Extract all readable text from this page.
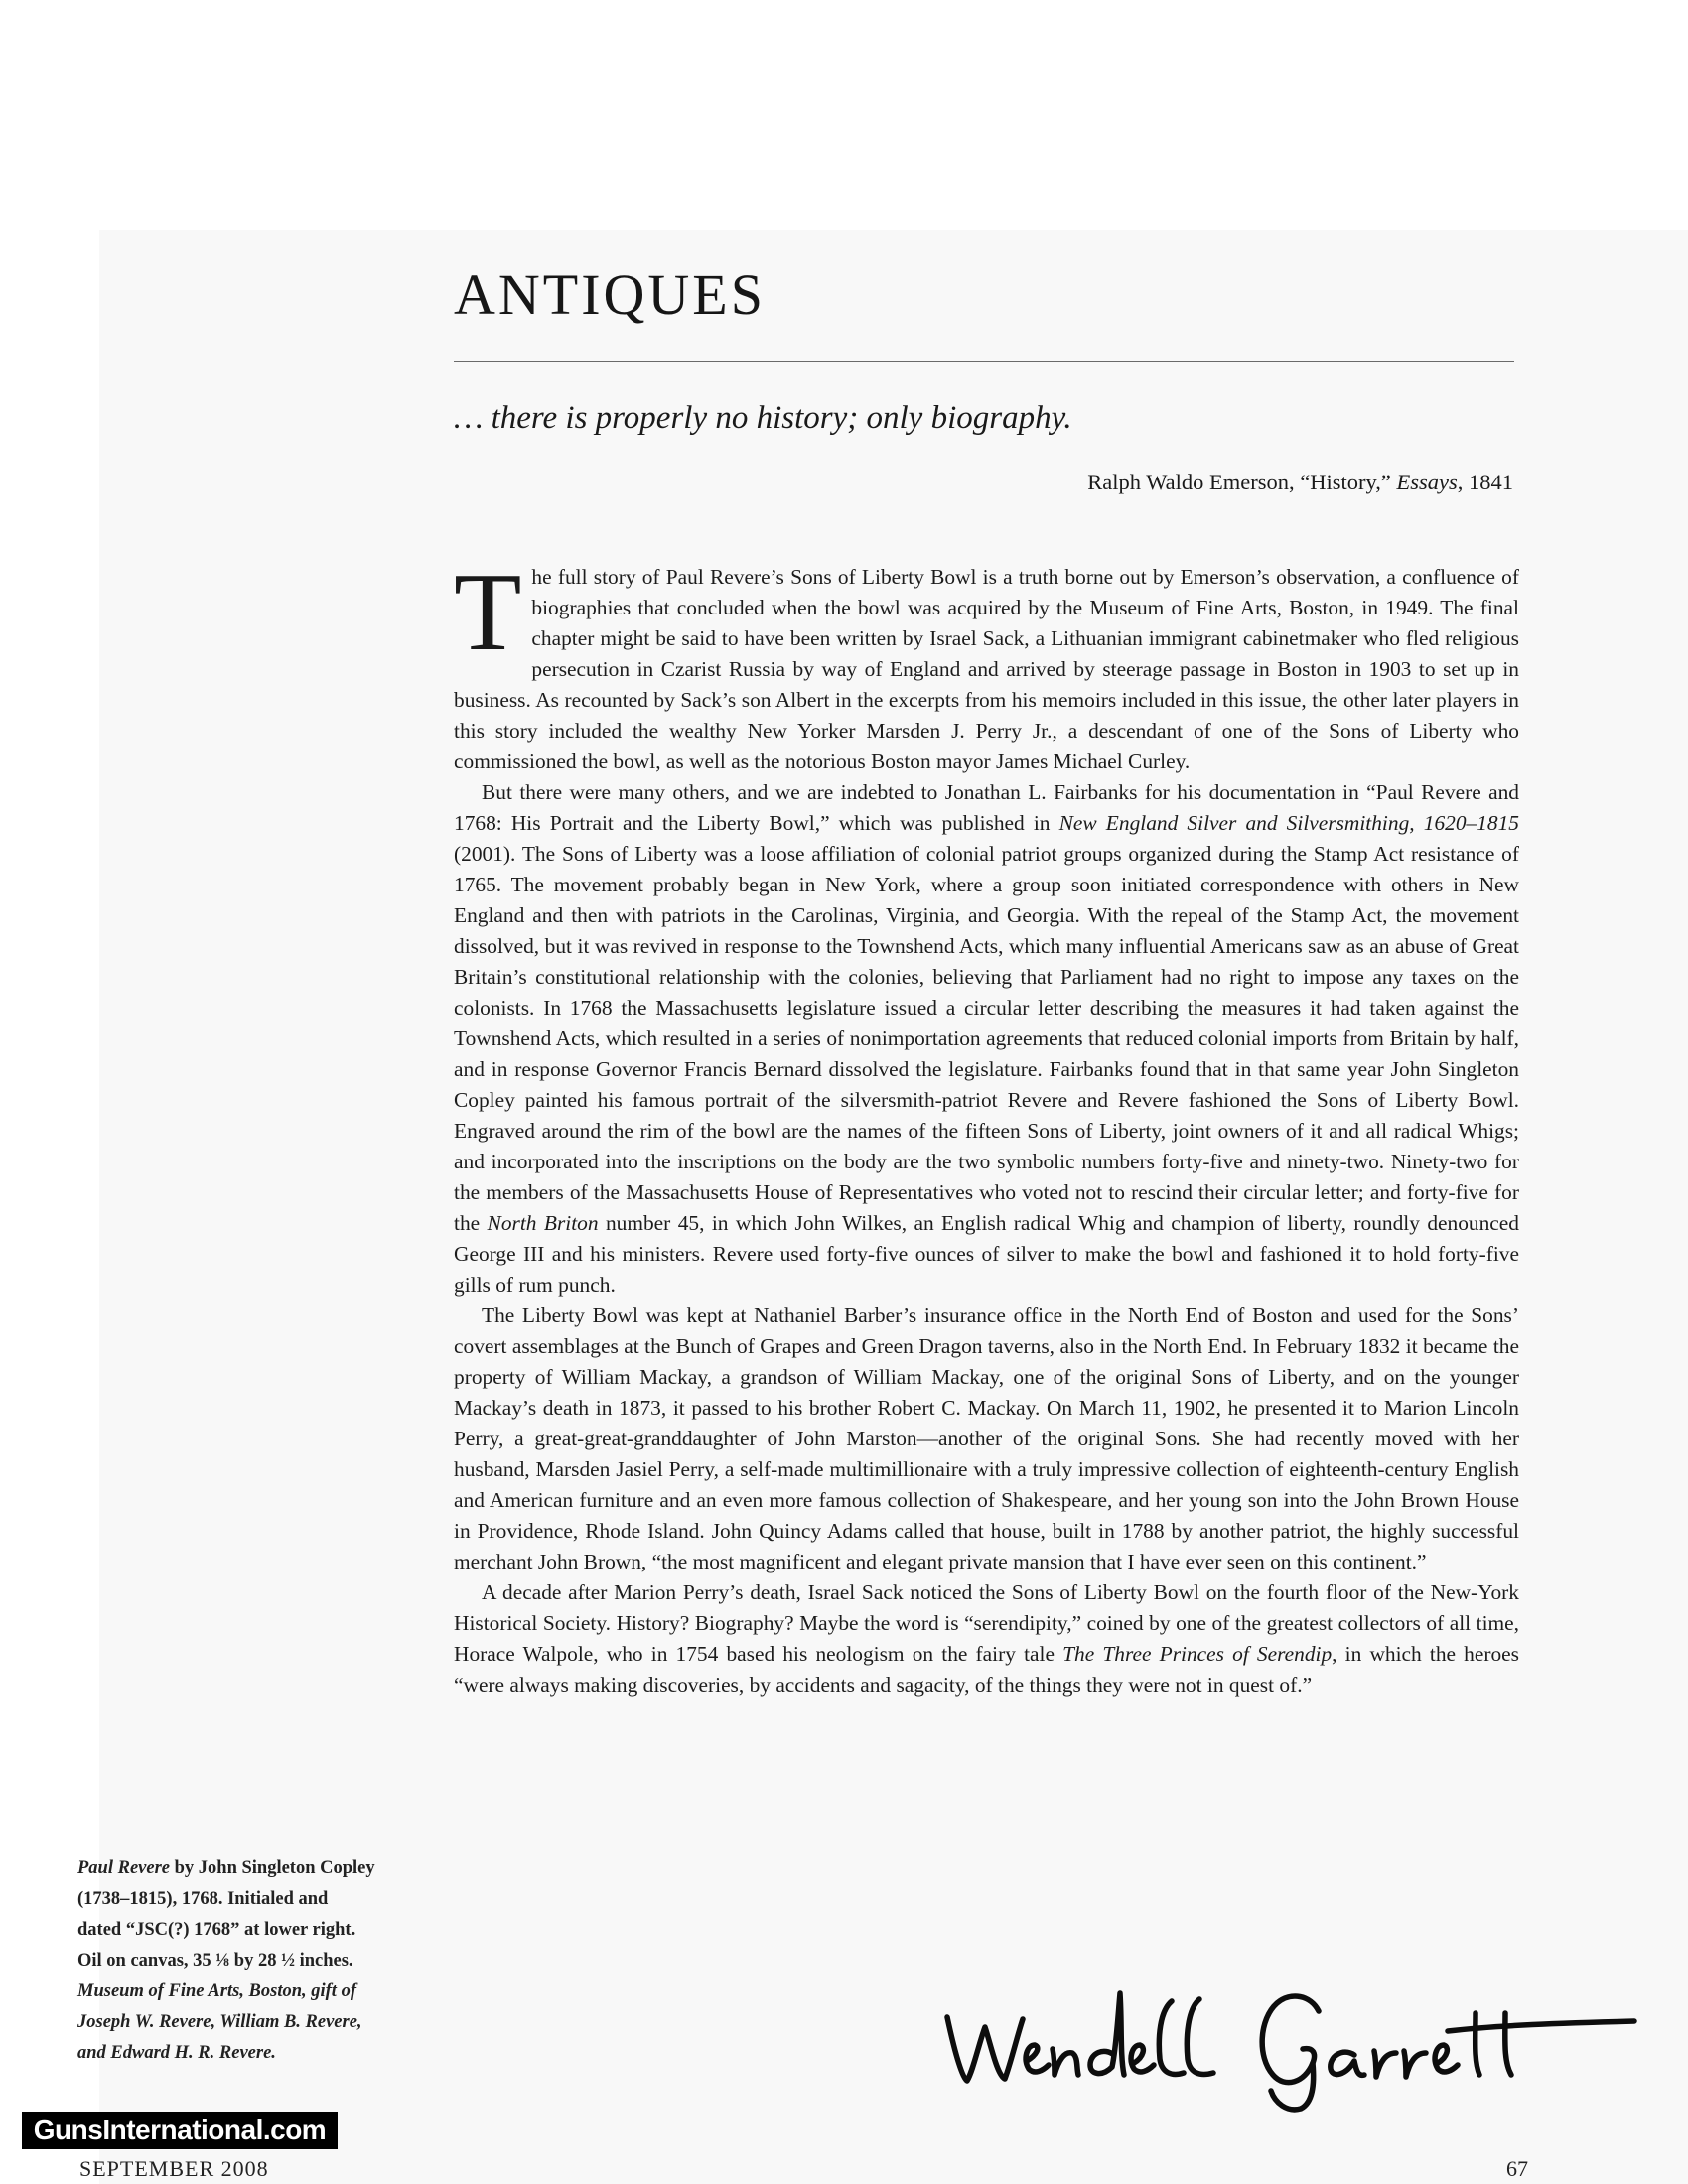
ANTIQUES

… there is properly no history; only biography.

Ralph Waldo Emerson, “History,” Essays, 1841

The full story of Paul Revere’s Sons of Liberty Bowl is a truth borne out by Emerson’s observation, a confluence of biographies that concluded when the bowl was acquired by the Museum of Fine Arts, Boston, in 1949. The final chapter might be said to have been written by Israel Sack, a Lithuanian immigrant cabinetmaker who fled religious persecution in Czarist Russia by way of England and arrived by steerage passage in Boston in 1903 to set up in business. As recounted by Sack’s son Albert in the excerpts from his memoirs included in this issue, the other later players in this story included the wealthy New Yorker Marsden J. Perry Jr., a descendant of one of the Sons of Liberty who commissioned the bowl, as well as the notorious Boston mayor James Michael Curley.

But there were many others, and we are indebted to Jonathan L. Fairbanks for his documentation in “Paul Revere and 1768: His Portrait and the Liberty Bowl,” which was published in New England Silver and Silversmithing, 1620–1815 (2001). The Sons of Liberty was a loose affiliation of colonial patriot groups organized during the Stamp Act resistance of 1765. The movement probably began in New York, where a group soon initiated correspondence with others in New England and then with patriots in the Carolinas, Virginia, and Georgia. With the repeal of the Stamp Act, the movement dissolved, but it was revived in response to the Townshend Acts, which many influential Americans saw as an abuse of Great Britain’s constitutional relationship with the colonies, believing that Parliament had no right to impose any taxes on the colonists. In 1768 the Massachusetts legislature issued a circular letter describing the measures it had taken against the Townshend Acts, which resulted in a series of nonimportation agreements that reduced colonial imports from Britain by half, and in response Governor Francis Bernard dissolved the legislature. Fairbanks found that in that same year John Singleton Copley painted his famous portrait of the silversmith-patriot Revere and Revere fashioned the Sons of Liberty Bowl. Engraved around the rim of the bowl are the names of the fifteen Sons of Liberty, joint owners of it and all radical Whigs; and incorporated into the inscriptions on the body are the two symbolic numbers forty-five and ninety-two. Ninety-two for the members of the Massachusetts House of Representatives who voted not to rescind their circular letter; and forty-five for the North Briton number 45, in which John Wilkes, an English radical Whig and champion of liberty, roundly denounced George III and his ministers. Revere used forty-five ounces of silver to make the bowl and fashioned it to hold forty-five gills of rum punch.

The Liberty Bowl was kept at Nathaniel Barber’s insurance office in the North End of Boston and used for the Sons’ covert assemblages at the Bunch of Grapes and Green Dragon taverns, also in the North End. In February 1832 it became the property of William Mackay, a grandson of William Mackay, one of the original Sons of Liberty, and on the younger Mackay’s death in 1873, it passed to his brother Robert C. Mackay. On March 11, 1902, he presented it to Marion Lincoln Perry, a great-great-granddaughter of John Marston—another of the original Sons. She had recently moved with her husband, Marsden Jasiel Perry, a self-made multimillionaire with a truly impressive collection of eighteenth-century English and American furniture and an even more famous collection of Shakespeare, and her young son into the John Brown House in Providence, Rhode Island. John Quincy Adams called that house, built in 1788 by another patriot, the highly successful merchant John Brown, “the most magnificent and elegant private mansion that I have ever seen on this continent.”

A decade after Marion Perry’s death, Israel Sack noticed the Sons of Liberty Bowl on the fourth floor of the New-York Historical Society. History? Biography? Maybe the word is “serendipity,” coined by one of the greatest collectors of all time, Horace Walpole, who in 1754 based his neologism on the fairy tale The Three Princes of Serendip, in which the heroes “were always making discoveries, by accidents and sagacity, of the things they were not in quest of.”

Paul Revere by John Singleton Copley (1738–1815), 1768. Initialed and dated “JSC(?) 1768” at lower right. Oil on canvas, 35 ⅛ by 28 ½ inches. Museum of Fine Arts, Boston, gift of Joseph W. Revere, William B. Revere, and Edward H. R. Revere.
GunsInternational.com

SEPTEMBER 2008	67
